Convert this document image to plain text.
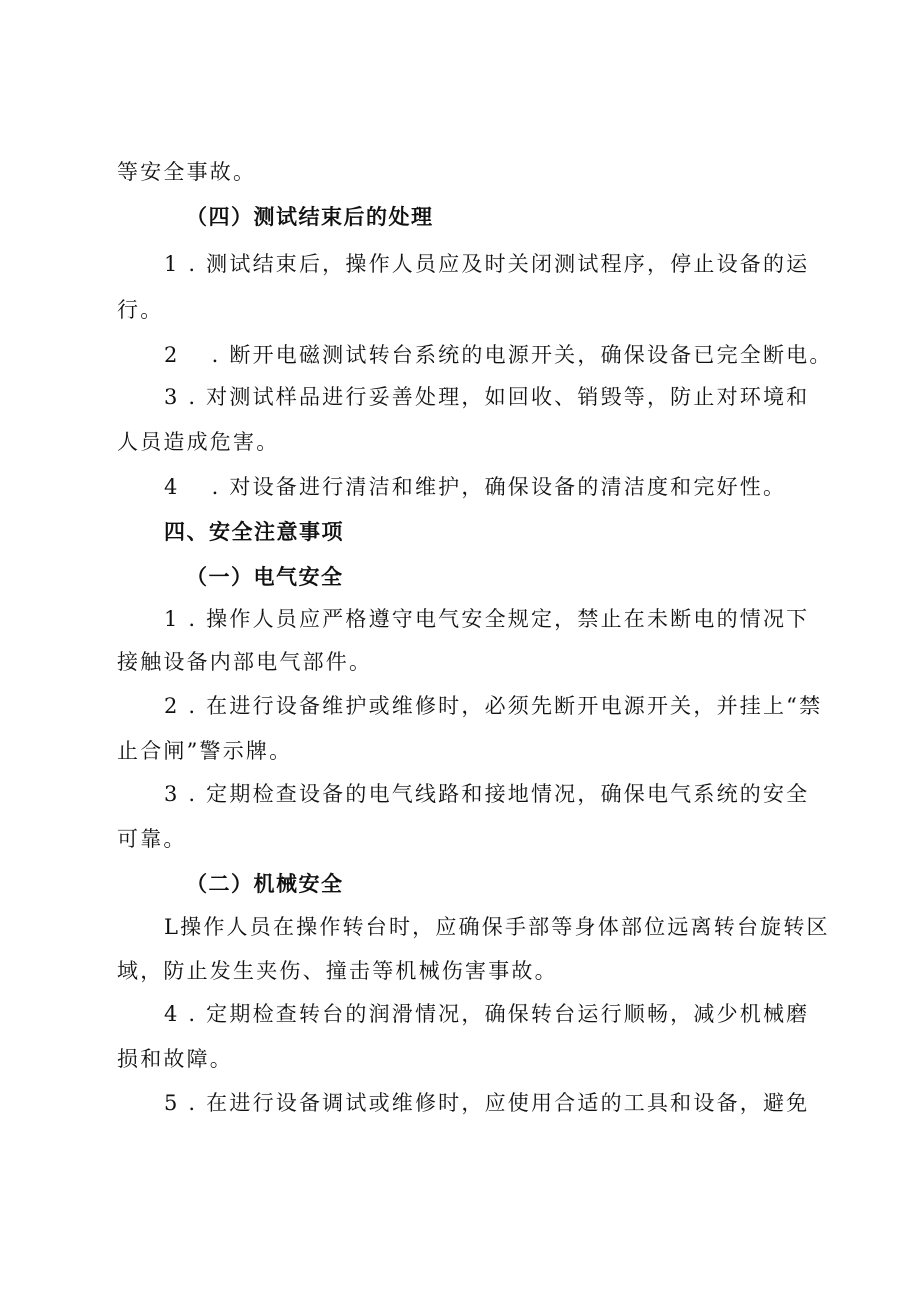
等安全事故。
（四）测试结束后的处理
1 . 测试结束后，操作人员应及时关闭测试程序，停止设备的运
行。
2　 . 断开电磁测试转台系统的电源开关，确保设备已完全断电。
3 . 对测试样品进行妥善处理，如回收、销毁等，防止对环境和
人员造成危害。
4　 . 对设备进行清洁和维护，确保设备的清洁度和完好性。
四、安全注意事项
（一）电气安全
1 . 操作人员应严格遵守电气安全规定，禁止在未断电的情况下
接触设备内部电气部件。
2 . 在进行设备维护或维修时，必须先断开电源开关，并挂上“禁
止合闸”警示牌。
3 . 定期检查设备的电气线路和接地情况，确保电气系统的安全
可靠。
（二）机械安全
L操作人员在操作转台时，应确保手部等身体部位远离转台旋转区
域，防止发生夹伤、撞击等机械伤害事故。
4 . 定期检查转台的润滑情况，确保转台运行顺畅，减少机械磨
损和故障。
5 . 在进行设备调试或维修时，应使用合适的工具和设备，避免
